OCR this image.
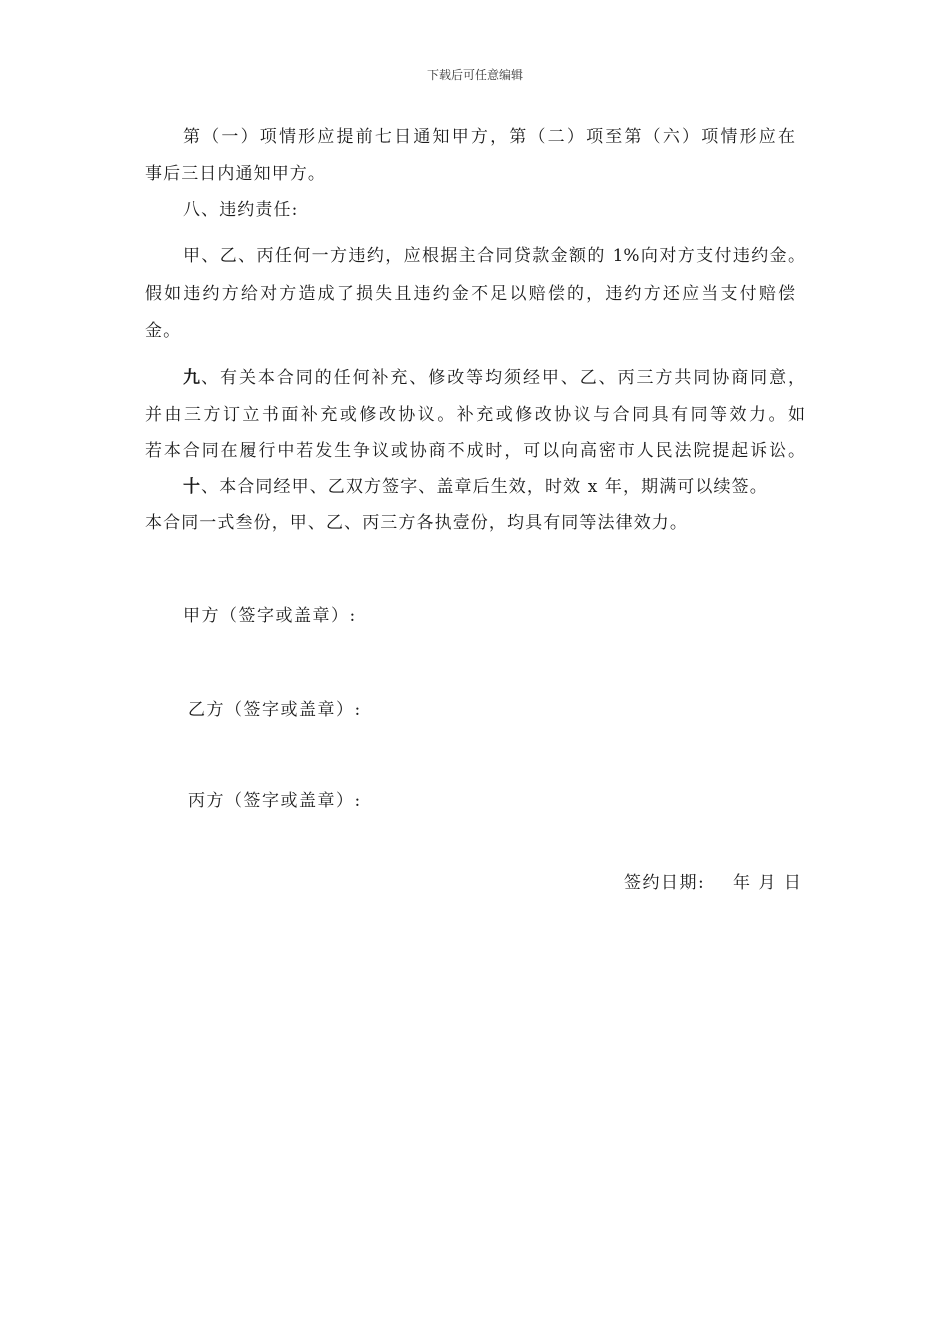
下载后可任意编辑
第（一）项情形应提前七日通知甲方，第（二）项至第（六）项情形应在
事后三日内通知甲方。
八、违约责任:
甲、乙、丙任何一方违约，应根据主合同贷款金额的 1%向对方支付违约金。
假如违约方给对方造成了损失且违约金不足以赔偿的，违约方还应当支付赔偿
金。
九 、有关本合同的任何补充、修改等均须经甲、乙、丙三方共同协商同意，
并由三方订立书面补充或修改协议。补充或修改协议与合同具有同等效力。如
若本合同在履行中若发生争议或协商不成时，可以向高密市人民法院提起诉讼。
十、本合同经甲、乙双方签字、盖章后生效，时效 x 年，期满可以续签。
本合同一式叁份，甲、乙、丙三方各执壹份，均具有同等法律效力。
甲方（签字或盖章）:
乙方（签字或盖章）:
丙方（签字或盖章）:
签约日期: 年 月 日
